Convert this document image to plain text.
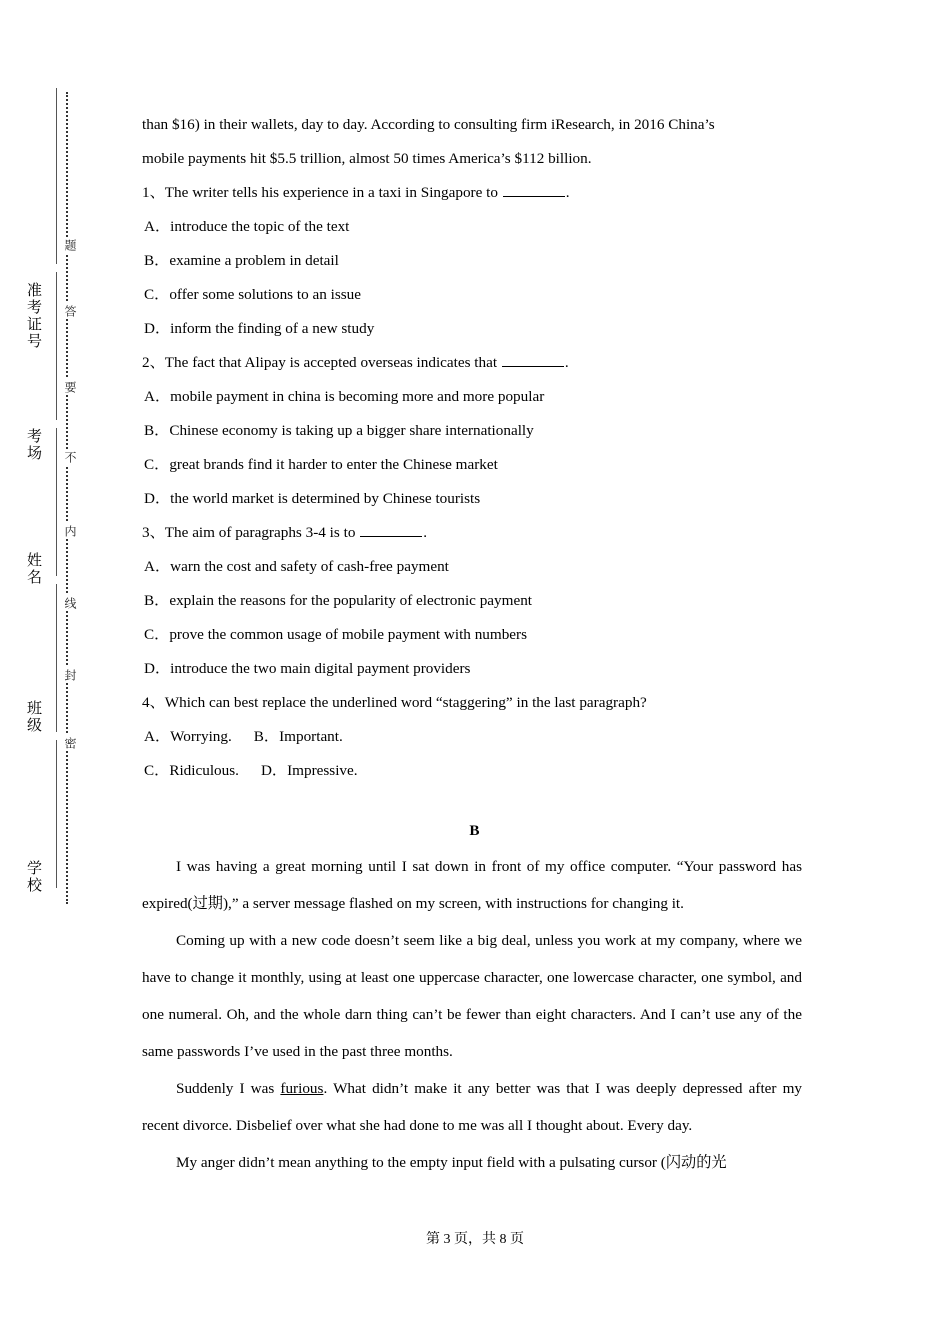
准考证号
考场
姓名
班级
学校
题
答
要
不
内
线
封
密
than $16) in their wallets, day to day. According to consulting firm iResearch, in 2016 China’s
mobile payments hit $5.5 trillion, almost 50 times America’s $112 billion.
1、The writer tells his experience in a taxi in Singapore to	.
A．introduce the topic of the text
B．examine a problem in detail
C．offer some solutions to an issue
D．inform the finding of a new study
2、The fact that Alipay is accepted overseas indicates that	.
A．mobile payment in china is becoming more and more popular
B．Chinese economy is taking up a bigger share internationally
C．great brands find it harder to enter the Chinese market
D．the world market is determined by Chinese tourists
3、The aim of paragraphs 3-4 is to	.
A．warn the cost and safety of cash-free payment
B．explain the reasons for the popularity of electronic payment
C．prove the common usage of mobile payment with numbers
D．introduce the two main digital payment providers
4、Which can best replace the underlined word “staggering” in the last paragraph?
A．Worrying. B．Important.
C．Ridiculous. D．Impressive.
B
I was having a great morning until I sat down in front of my office computer. “Your password has expired(过期),” a server message flashed on my screen, with instructions for changing it.
Coming up with a new code doesn’t seem like a big deal, unless you work at my company, where we have to change it monthly, using at least one uppercase character, one lowercase character, one symbol, and one numeral. Oh, and the whole darn thing can’t be fewer than eight characters. And I can’t use any of the same passwords I’ve used in the past three months.
Suddenly I was furious. What didn’t make it any better was that I was deeply depressed after my recent divorce. Disbelief over what she had done to me was all I thought about. Every day.
My anger didn’t mean anything to the empty input field with a pulsating cursor (闪动的光
第 3 页，共 8 页
